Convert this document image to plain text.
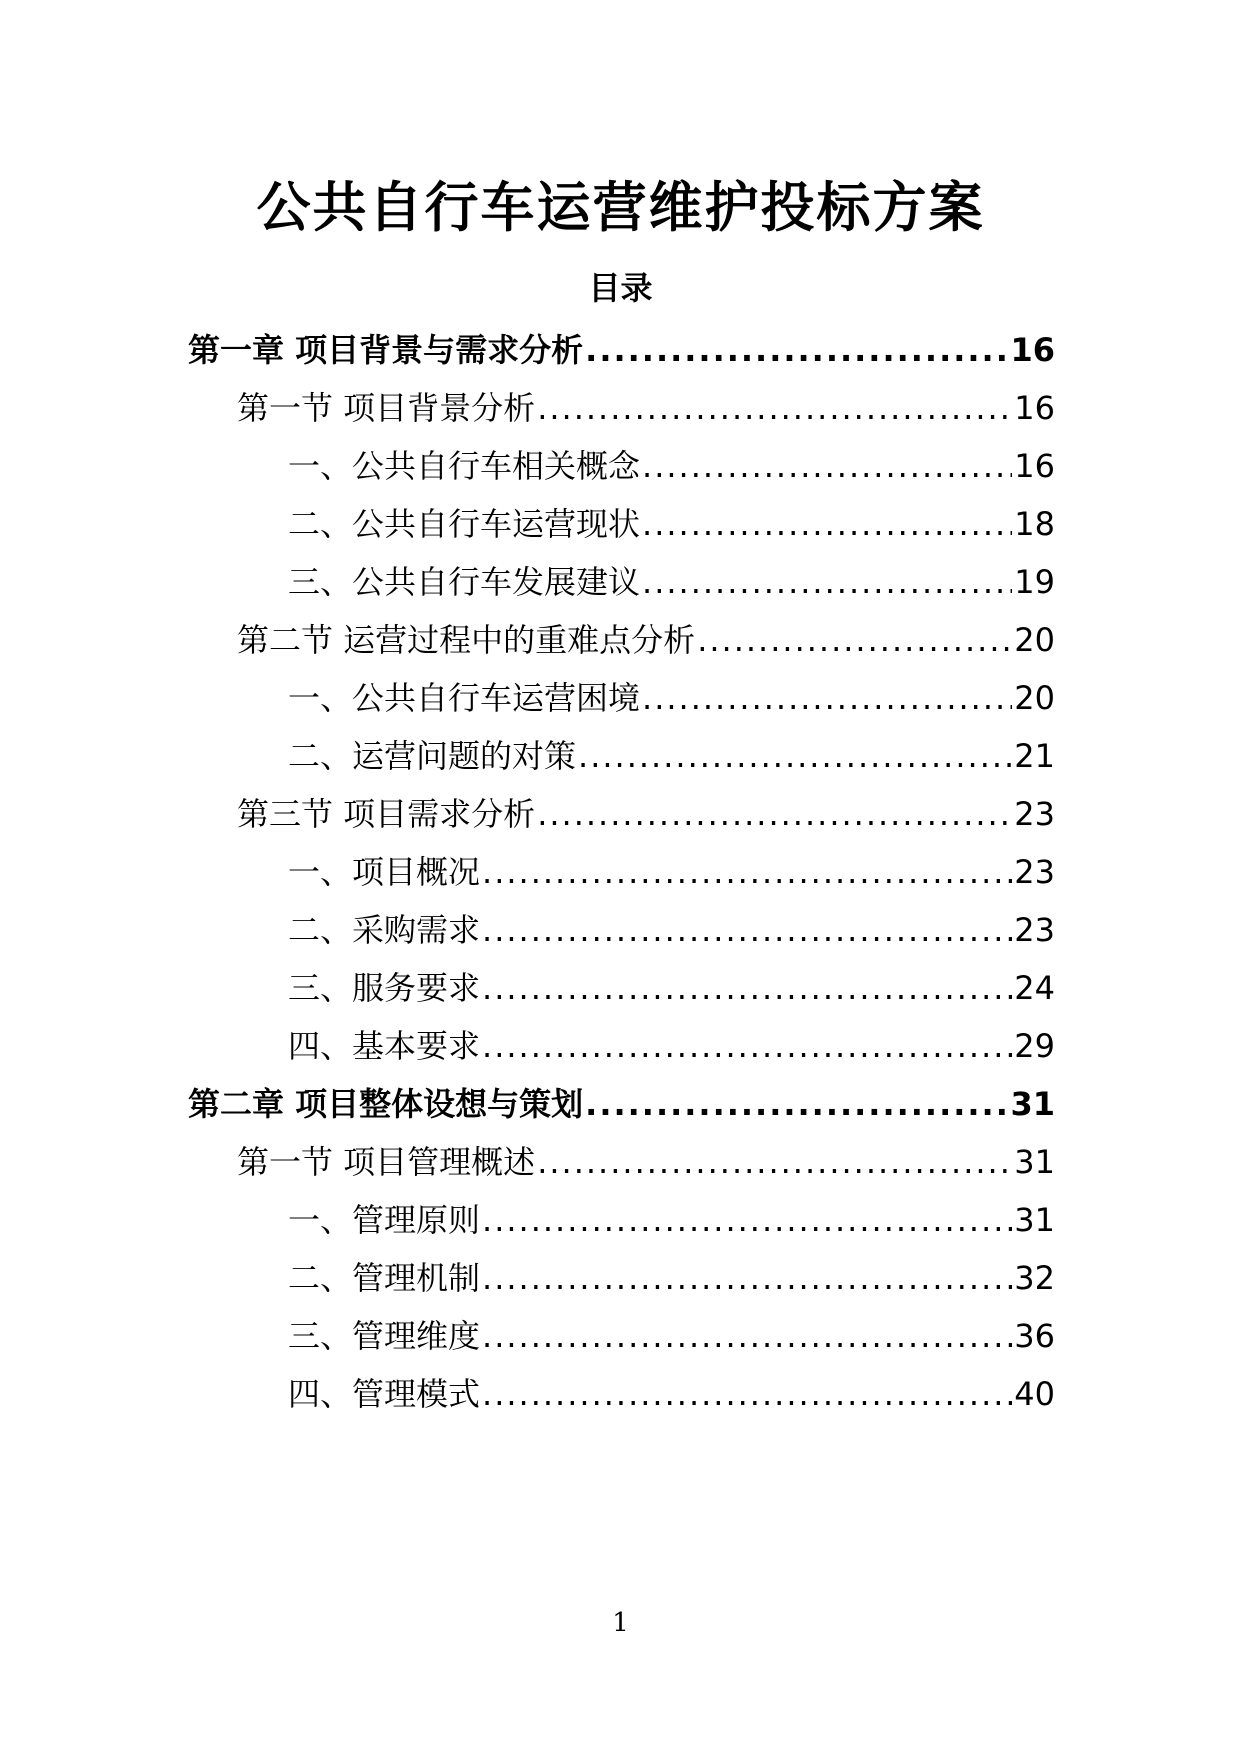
公共自行车运营维护投标方案
目录
第一章 项目背景与需求分析 .....	16
第一节 项目背景分析 .....	16
一、公共自行车相关概念 .....	16
二、公共自行车运营现状 .....	18
三、公共自行车发展建议 .....	19
第二节 运营过程中的重难点分析 .....	20
一、公共自行车运营困境 .....	20
二、运营问题的对策 .....	21
第三节 项目需求分析 .....	23
一、项目概况 .....	23
二、采购需求 .....	23
三、服务要求 .....	24
四、基本要求 .....	29
第二章 项目整体设想与策划 .....	31
第一节 项目管理概述 .....	31
一、管理原则 .....	31
二、管理机制 .....	32
三、管理维度 .....	36
四、管理模式 .....	40
1
